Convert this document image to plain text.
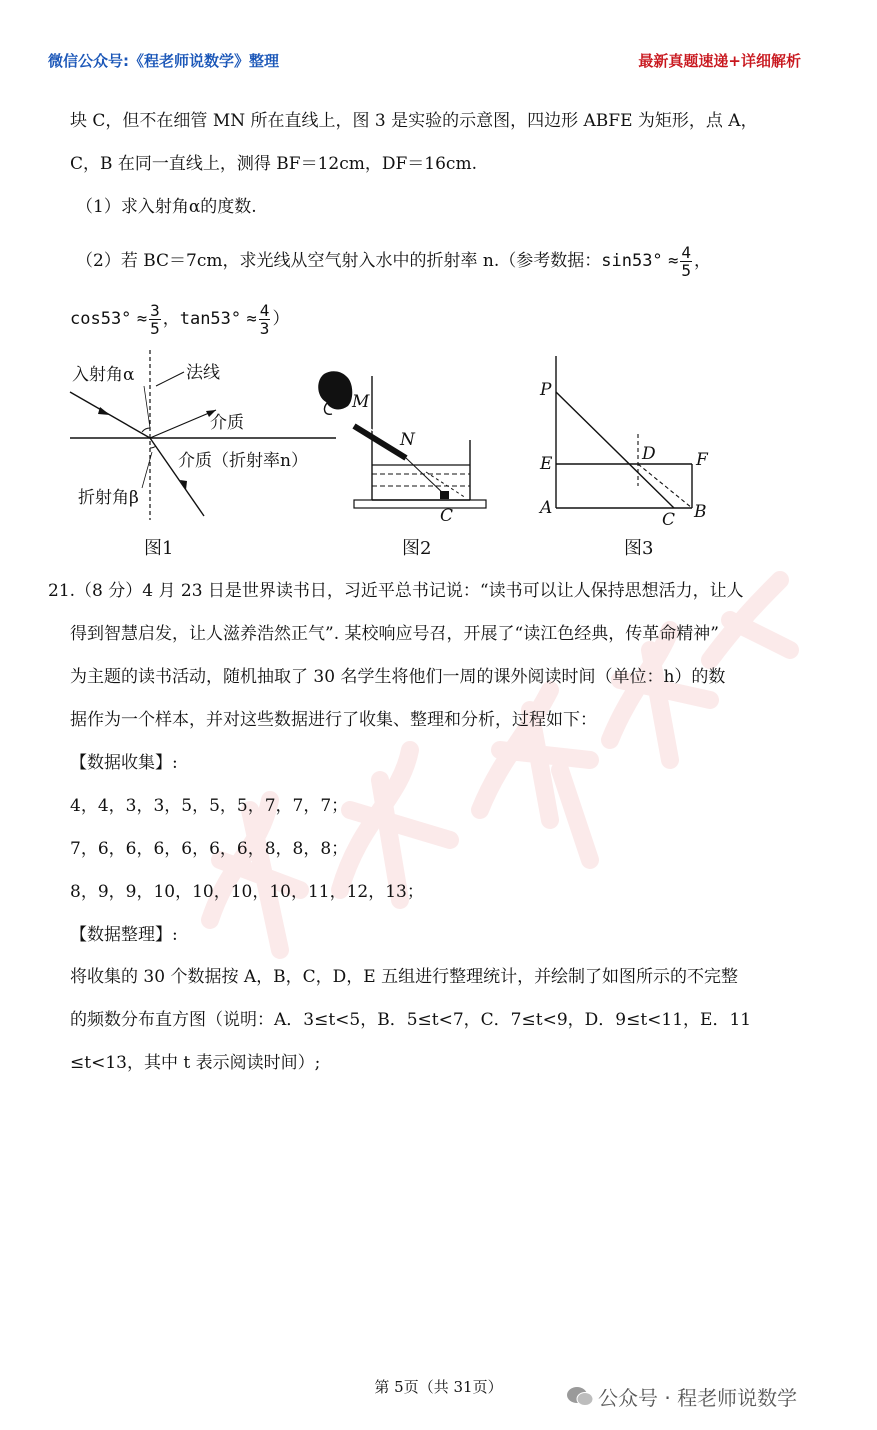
微信公众号:《程老师说数学》整理	最新真题速递+详细解析
块 C，但不在细管 MN 所在直线上，图 3 是实验的示意图，四边形 ABFE 为矩形，点 A，
C，B 在同一直线上，测得 BF＝12cm，DF＝16cm.
（1）求入射角α的度数.
（2）若 BC＝7cm，求光线从空气射入水中的折射率 n.（参考数据：$\sin 53^\circ \approx \frac{4}{5}$ ，
$\cos 53^\circ \approx \frac{3}{5}$ ，$\tan 53^\circ \approx \frac{4}{3}$ ）
入射角α	法线
介质
介质（折射率n）
折射角β
图1
M
N
C
图2
P
D
E	F
A
C B
图3
21.（8 分）4 月 23 日是世界读书日，习近平总书记说：“读书可以让人保持思想活力，让人
得到智慧启发，让人滋养浩然正气”. 某校响应号召，开展了“读江色经典，传革命精神”
为主题的读书活动，随机抽取了 30 名学生将他们一周的课外阅读时间（单位：h）的数
据作为一个样本，并对这些数据进行了收集、整理和分析，过程如下：
【数据收集】:
4，4，3，3，5，5，5，7，7，7；
7，6，6，6，6，6，6，8，8，8；
8，9，9，10，10，10，10，11，12，13；
【数据整理】:
将收集的 30 个数据按 A，B，C，D，E 五组进行整理统计，并绘制了如图所示的不完整
的频数分布直方图（说明：A．3≤t<5，B．5≤t<7，C．7≤t<9，D．9≤t<11，E．11
≤t<13，其中 t 表示阅读时间）;
第 5页（共 31页）	公众号 · 程老师说数学
